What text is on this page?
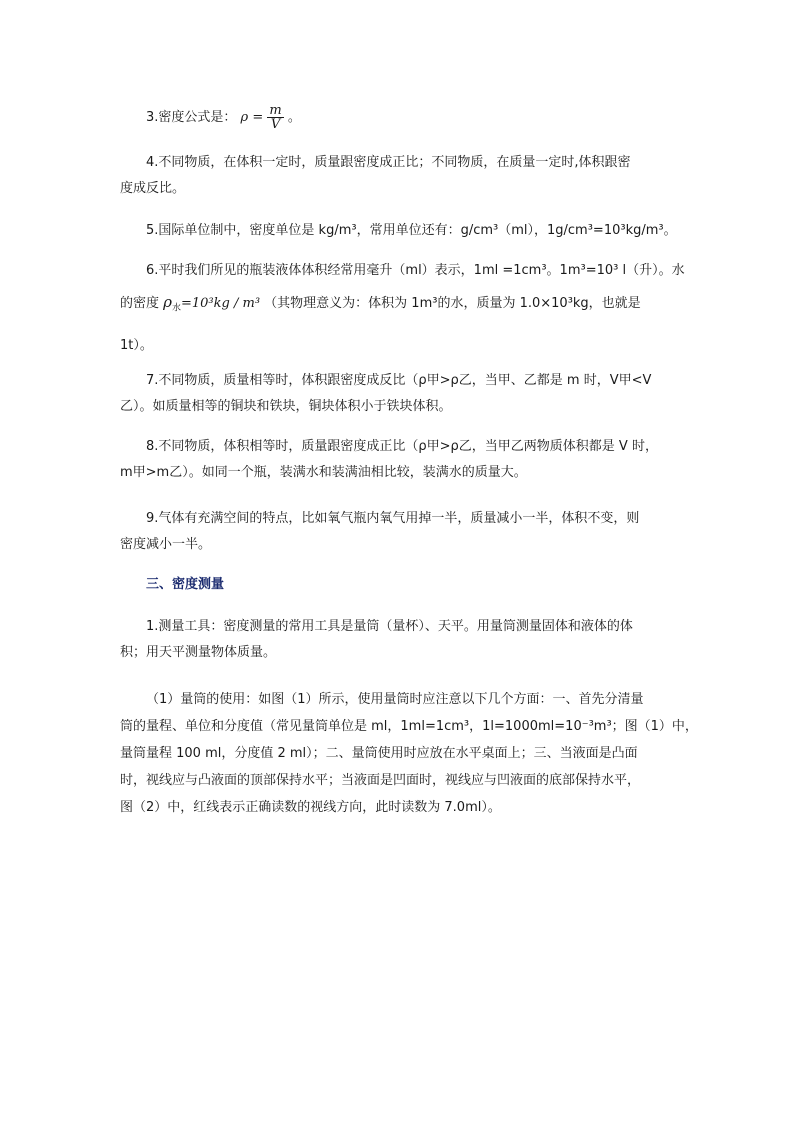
3.密度公式是： $\rho = \frac{m}{V}$ 。

4.不同物质，在体积一定时，质量跟密度成正比；不同物质，在质量一定时,体积跟密
度成反比。

5.国际单位制中，密度单位是 kg/m³，常用单位还有：g/cm³（ml），1g/cm³=10³kg/m³。

6.平时我们所见的瓶装液体体积经常用毫升（ml）表示，1ml =1cm³。1m³=10³ l（升）。水
的密度 $\rho_水=10^3kg / m^3$ （其物理意义为：体积为 1m³的水，质量为 1.0×10³kg，也就是
1t）。

7.不同物质，质量相等时，体积跟密度成反比（ρ甲>ρ乙，当甲、乙都是 m 时，V甲<V
乙）。如质量相等的铜块和铁块，铜块体积小于铁块体积。

8.不同物质，体积相等时，质量跟密度成正比（ρ甲>ρ乙，当甲乙两物质体积都是 V 时，
m甲>m乙）。如同一个瓶，装满水和装满油相比较，装满水的质量大。

9.气体有充满空间的特点，比如氧气瓶内氧气用掉一半，质量减小一半，体积不变，则
密度减小一半。

三、密度测量

1.测量工具：密度测量的常用工具是量筒（量杯）、天平。用量筒测量固体和液体的体
积；用天平测量物体质量。

（1）量筒的使用：如图（1）所示，使用量筒时应注意以下几个方面：一、首先分清量
筒的量程、单位和分度值（常见量筒单位是 ml，1ml=1cm³，1l=1000ml=10⁻³m³；图（1）中，
量筒量程 100 ml，分度值 2 ml）；二、量筒使用时应放在水平桌面上；三、当液面是凸面
时，视线应与凸液面的顶部保持水平；当液面是凹面时，视线应与凹液面的底部保持水平，
图（2）中，红线表示正确读数的视线方向，此时读数为 7.0ml）。
